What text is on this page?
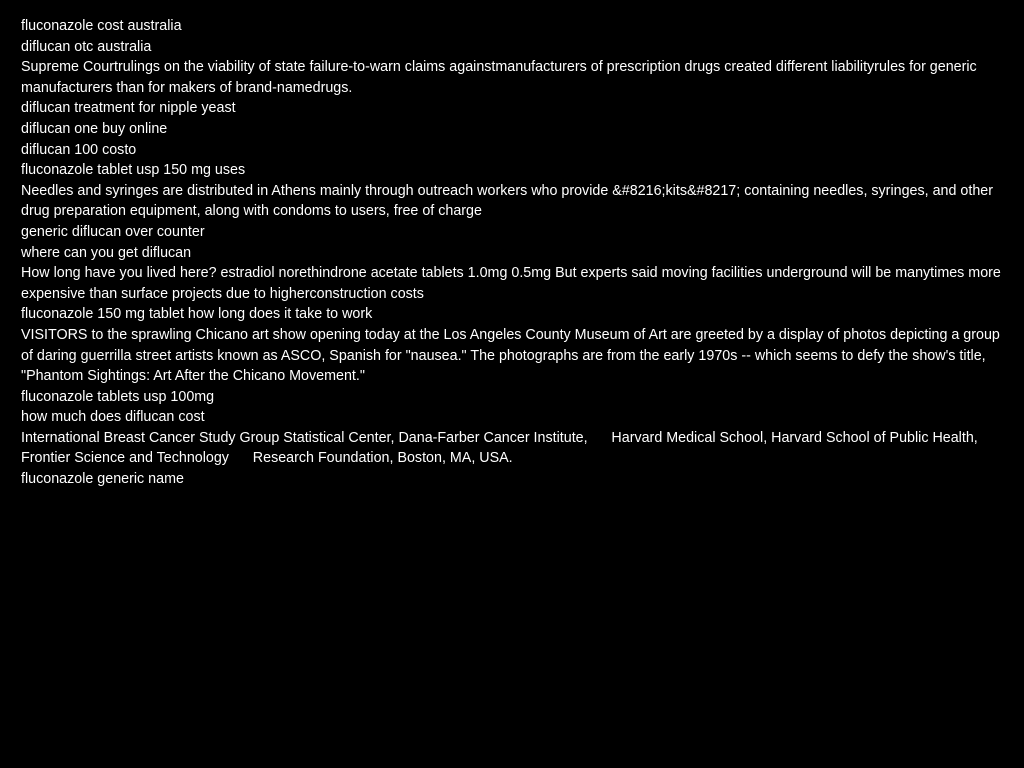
fluconazole cost australia
diflucan otc australia
Supreme Courtrulings on the viability of state failure-to-warn claims againstmanufacturers of prescription drugs created different liabilityrules for generic manufacturers than for makers of brand-namedrugs.
diflucan treatment for nipple yeast
diflucan one buy online
diflucan 100 costo
fluconazole tablet usp 150 mg uses
Needles and syringes are distributed in Athens mainly through outreach workers who provide &#8216;kits&#8217; containing needles, syringes, and other drug preparation equipment, along with condoms to users, free of charge
generic diflucan over counter
where can you get diflucan
How long have you lived here? estradiol norethindrone acetate tablets 1.0mg 0.5mg But experts said moving facilities underground will be manytimes more expensive than surface projects due to higherconstruction costs
fluconazole 150 mg tablet how long does it take to work
VISITORS to the sprawling Chicano art show opening today at the Los Angeles County Museum of Art are greeted by a display of photos depicting a group of daring guerrilla street artists known as ASCO, Spanish for "nausea." The photographs are from the early 1970s -- which seems to defy the show's title, "Phantom Sightings: Art After the Chicano Movement."
fluconazole tablets usp 100mg
how much does diflucan cost
International Breast Cancer Study Group Statistical Center, Dana-Farber Cancer Institute,      Harvard Medical School, Harvard School of Public Health, Frontier Science and Technology      Research Foundation, Boston, MA, USA.
fluconazole generic name
